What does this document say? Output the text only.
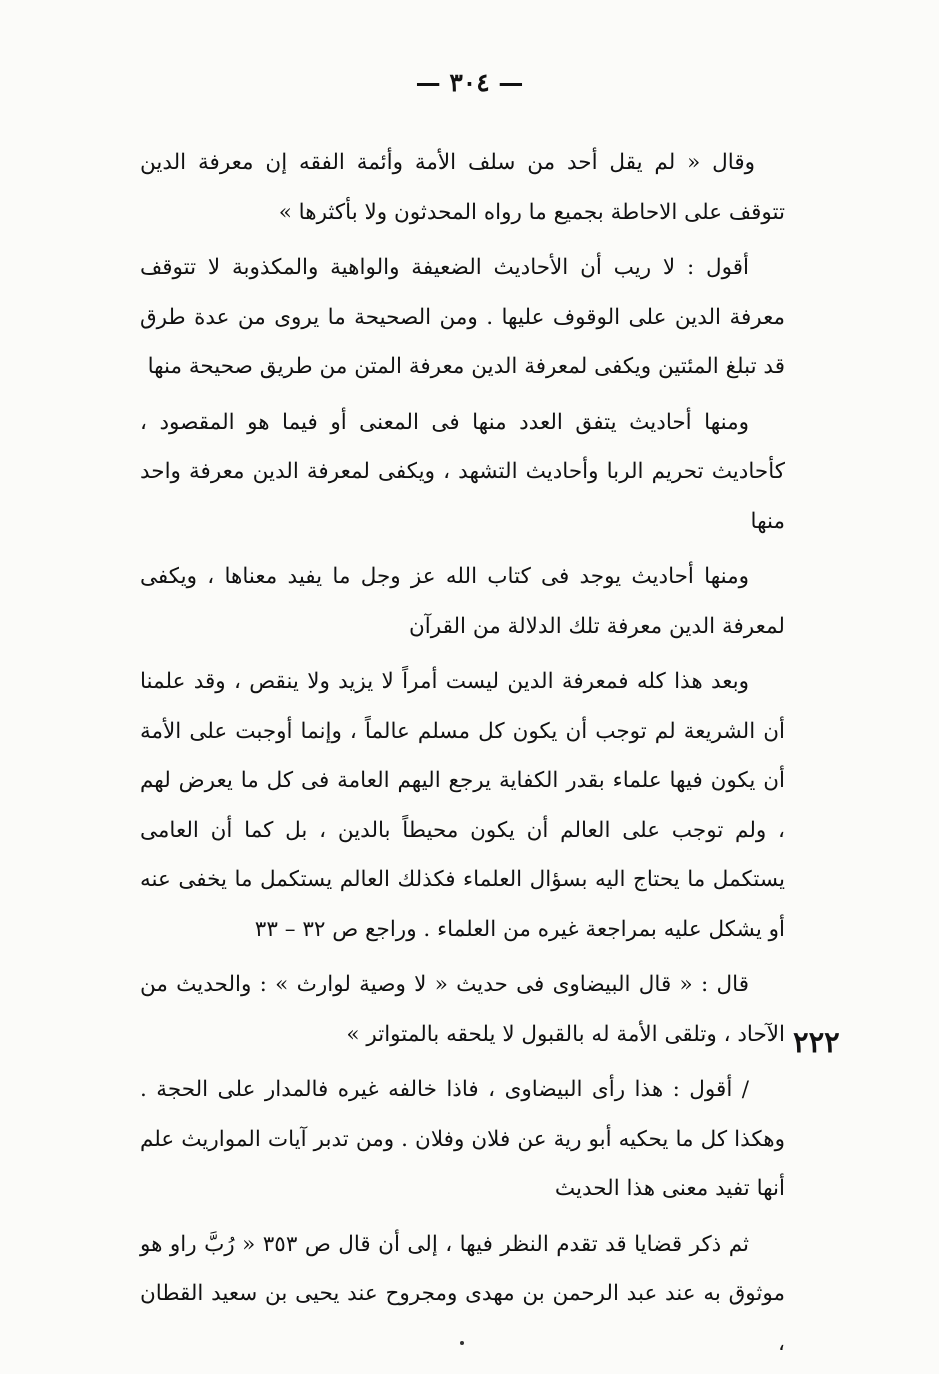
— ٣٠٤ —

وقال « لم يقل أحد من سلف الأمة وأئمة الفقه إن معرفة الدين تتوقف على الاحاطة بجميع ما رواه المحدثون ولا بأكثرها »

أقول : لا ريب أن الأحاديث الضعيفة والواهية والمكذوبة لا تتوقف معرفة الدين على الوقوف عليها . ومن الصحيحة ما يروى من عدة طرق قد تبلغ المئتين ويكفى لمعرفة الدين معرفة المتن من طريق صحيحة منها

ومنها أحاديث يتفق العدد منها فى المعنى أو فيما هو المقصود ، كأحاديث تحريم الربا وأحاديث التشهد ، ويكفى لمعرفة الدين معرفة واحد منها

ومنها أحاديث يوجد فى كتاب الله عز وجل ما يفيد معناها ، ويكفى لمعرفة الدين معرفة تلك الدلالة من القرآن

وبعد هذا كله فمعرفة الدين ليست أمراً لا يزيد ولا ينقص ، وقد علمنا أن الشريعة لم توجب أن يكون كل مسلم عالماً ، وإنما أوجبت على الأمة أن يكون فيها علماء بقدر الكفاية يرجع اليهم العامة فى كل ما يعرض لهم ، ولم توجب على العالم أن يكون محيطاً بالدين ، بل كما أن العامى يستكمل ما يحتاج اليه بسؤال العلماء فكذلك العالم يستكمل ما يخفى عنه أو يشكل عليه بمراجعة غيره من العلماء . وراجع ص ٣٢ – ٣٣

قال : « قال البيضاوى فى حديث « لا وصية لوارث » : والحديث من الآحاد ، وتلقى الأمة له بالقبول لا يلحقه بالمتواتر »

/ أقول : هذا رأى البيضاوى ، فاذا خالفه غيره فالمدار على الحجة . وهكذا كل ما يحكيه أبو رية عن فلان وفلان . ومن تدبر آيات المواريث علم أنها تفيد معنى هذا الحديث

ثم ذكر قضايا قد تقدم النظر فيها ، إلى أن قال ص ٣٥٣ « رُبَّ راو هو موثوق به عند عبد الرحمن بن مهدى ومجروح عند يحيى بن سعيد القطان ،

٢٢٢
